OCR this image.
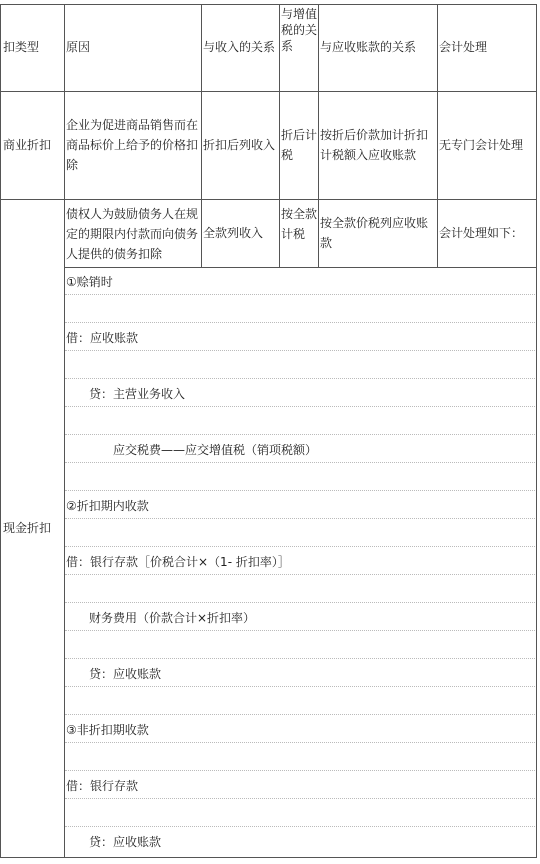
扣类型 原因	与收入的关系
与增值税的关系	与应收账款的关系 会计处理
商业折扣
企业为促进商品销售而在商品标价上给予的价格扣除
折扣后列收入
折后计税
按折后价款加计折扣计税额入应收账款
无专门会计处理
现金折扣
债权人为鼓励债务人在规定的期限内付款而向债务人提供的债务扣除
全款列收入
按全款计税
按全款价税列应收账款
会计处理如下：
①赊销时
借：应收账款
贷：主营业务收入
应交税费——应交增值税（销项税额）
②折扣期内收款
借：银行存款［价税合计×（1- 折扣率）］
财务费用（价款合计×折扣率）
贷：应收账款
③非折扣期收款
借：银行存款
贷：应收账款
